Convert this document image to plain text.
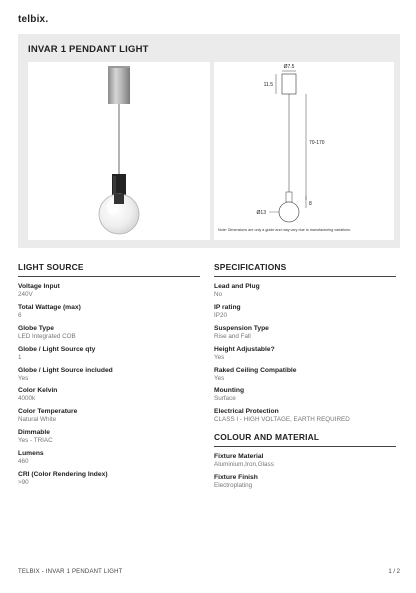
telbix.
INVAR 1 PENDANT LIGHT
Ø7.5
11.5
70-170
8
Ø13
Note: Dimensions are only a guide and may vary due to manufacturing variations.
LIGHT SOURCE
Voltage Input
240V
Total Wattage (max)
6
Globe Type
LED Integrated COB
Globe / Light Source qty
1
Globe / Light Source included
Yes
Color Kelvin
4000k
Color Temperature
Natural White
Dimmable
Yes - TRIAC
Lumens
460
CRI (Color Rendering Index)
>90
SPECIFICATIONS
Lead and Plug
No
IP rating
IP20
Suspension Type
Rise and Fall
Height Adjustable?
Yes
Raked Ceiling Compatible
Yes
Mounting
Surface
Electrical Protection
CLASS I - HIGH VOLTAGE, EARTH REQUIRED
COLOUR AND MATERIAL
Fixture Material
Aluminium,Iron,Glass
Fixture Finish
Electroplating
TELBIX - INVAR 1 PENDANT LIGHT	1 / 2
